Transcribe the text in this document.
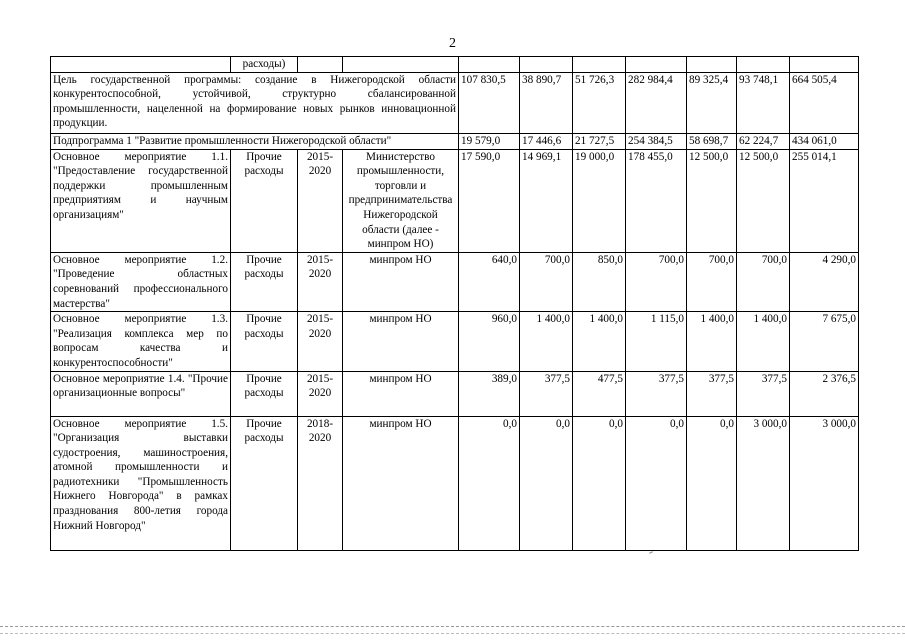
2
	расходы)									
Цель государственной программы: создание в Нижегородской области конкурентоспособной, устойчивой, структурно сбалансированной промышленности, нацеленной на формирование новых рынков инновационной продукции.				107 830,5	38 890,7	51 726,3	282 984,4	89 325,4	93 748,1	664 505,4
Подпрограмма 1 "Развитие промышленности Нижегородской области"				19 579,0	17 446,6	21 727,5	254 384,5	58 698,7	62 224,7	434 061,0
Основное мероприятие 1.1. "Предоставление государственной поддержки промышленным предприятиям и научным организациям"	Прочие расходы	2015-2020	Министерство промышленности, торговли и предпринимательства Нижегородской области (далее - минпром НО)	17 590,0	14 969,1	19 000,0	178 455,0	12 500,0	12 500,0	255 014,1
Основное мероприятие 1.2. "Проведение областных соревнований профессионального мастерства"	Прочие расходы	2015-2020	минпром НО	640,0	700,0	850,0	700,0	700,0	700,0	4 290,0
Основное мероприятие 1.3. "Реализация комплекса мер по вопросам качества и конкурентоспособности"	Прочие расходы	2015-2020	минпром НО	960,0	1 400,0	1 400,0	1 115,0	1 400,0	1 400,0	7 675,0
Основное мероприятие 1.4. "Прочие организационные вопросы"	Прочие расходы	2015-2020	минпром НО	389,0	377,5	477,5	377,5	377,5	377,5	2 376,5
Основное мероприятие 1.5. "Организация выставки судостроения, машиностроения, атомной промышленности и радиотехники "Промышленность Нижнего Новгорода" в рамках празднования 800-летия города Нижний Новгород"	Прочие расходы	2018-2020	минпром НО	0,0	0,0	0,0	0,0	0,0	3 000,0	3 000,0
